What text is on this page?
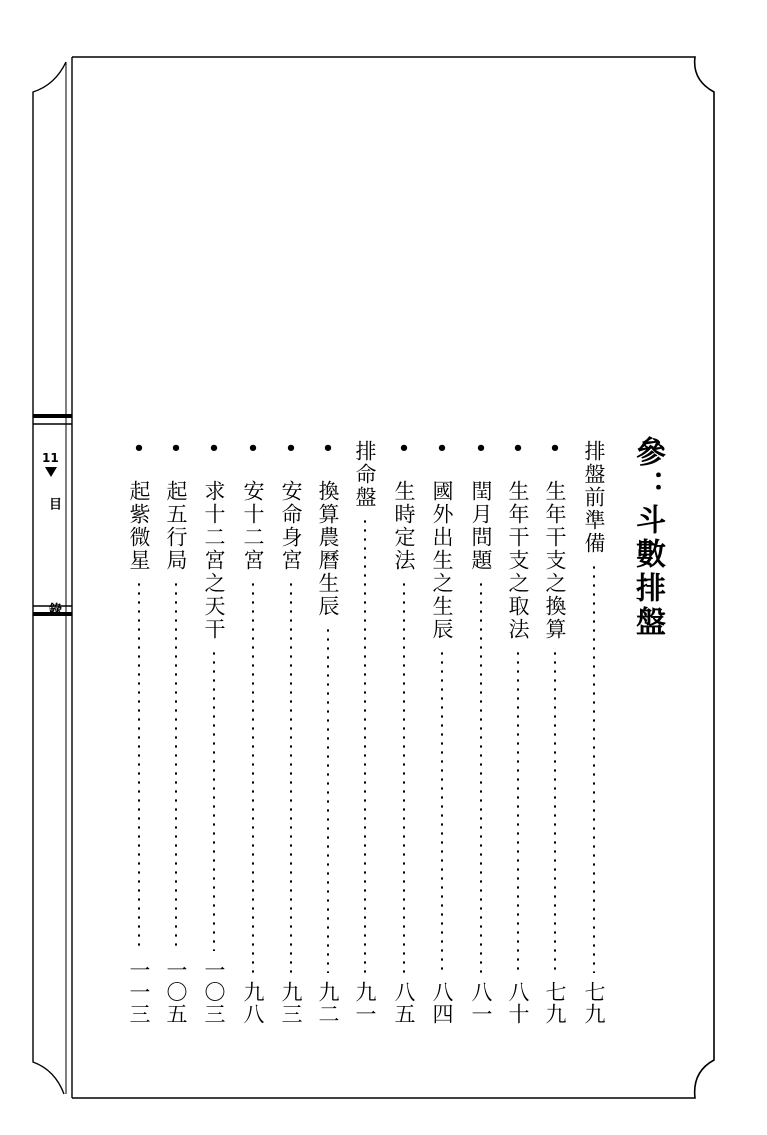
11
目 錄	參：斗數排盤
排盤前準備
七九
•
生年干支之換算
七九
•
生年干支之取法
八十
•
閏月問題
八一
•
國外出生之生辰
八四
•
生時定法
八五
排命盤
九一
•
換算農曆生辰
九二
•
安命身宮
九三
•
安十二宮
九八
•
求十二宮之天干
一〇三
•
起五行局
一〇五
•
起紫微星
一一三
